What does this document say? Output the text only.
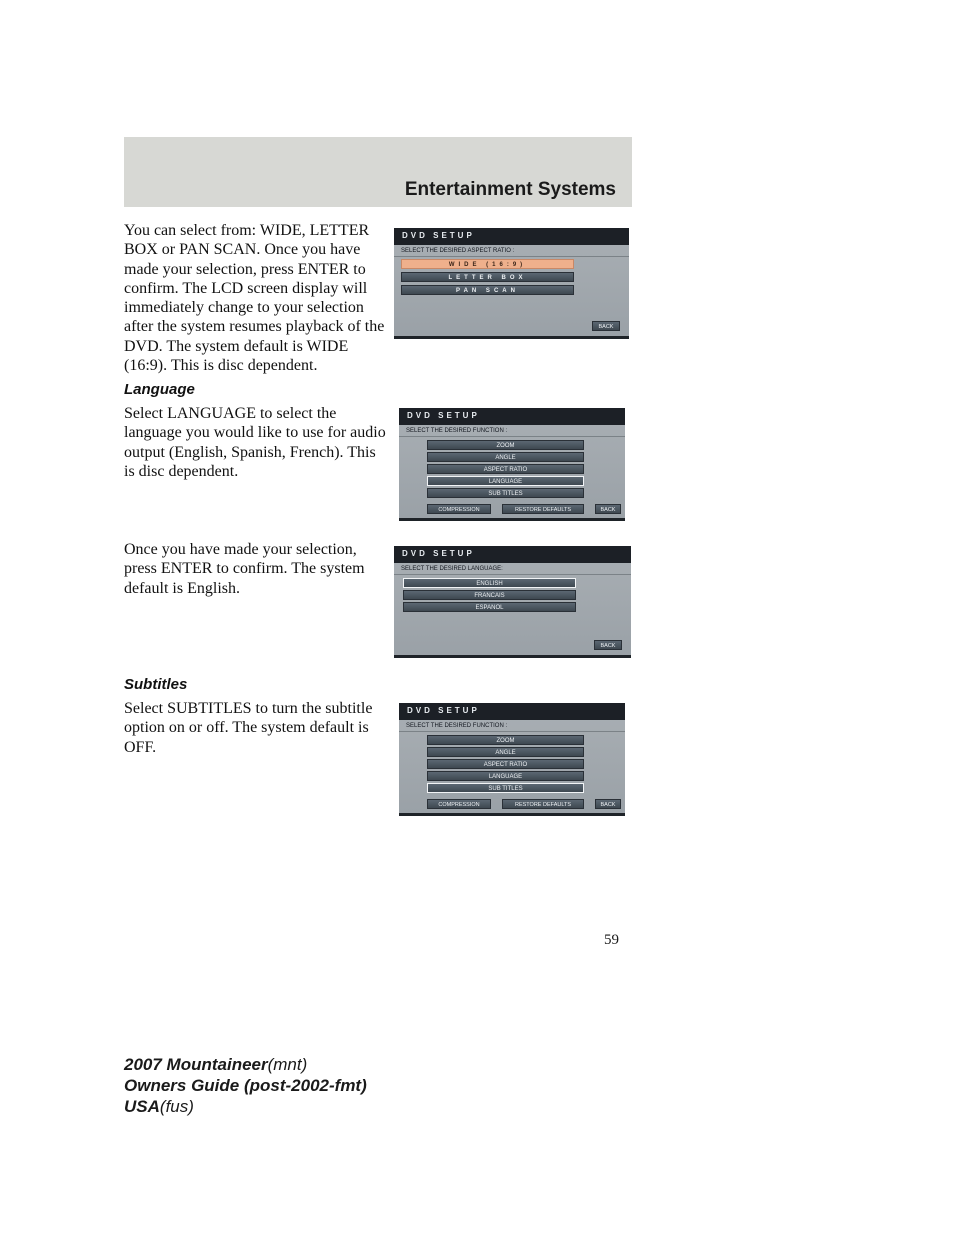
Entertainment Systems

You can select from: WIDE, LETTER BOX or PAN SCAN. Once you have made your selection, press ENTER to confirm. The LCD screen display will immediately change to your selection after the system resumes playback of the DVD. The system default is WIDE (16:9). This is disc dependent.

DVD SETUP
SELECT THE DESIRED ASPECT RATIO :
WIDE (16:9)
LETTER BOX
PAN SCAN
BACK
Language

Select LANGUAGE to select the language you would like to use for audio output (English, Spanish, French). This is disc dependent.

DVD SETUP
SELECT THE DESIRED FUNCTION :
ZOOM
ANGLE
ASPECT RATIO
LANGUAGE
SUB TITLES
COMPRESSION	RESTORE DEFAULTS	BACK

Once you have made your selection, press ENTER to confirm. The system default is English.

DVD SETUP
SELECT THE DESIRED LANGUAGE:
ENGLISH
FRANCAIS
ESPANOL
BACK
Subtitles

Select SUBTITLES to turn the subtitle option on or off. The system default is OFF.

DVD SETUP
SELECT THE DESIRED FUNCTION :
ZOOM
ANGLE
ASPECT RATIO
LANGUAGE
SUB TITLES
COMPRESSION	RESTORE DEFAULTS	BACK
59
2007 Mountaineer(mnt)
Owners Guide (post-2002-fmt)
USA(fus)
